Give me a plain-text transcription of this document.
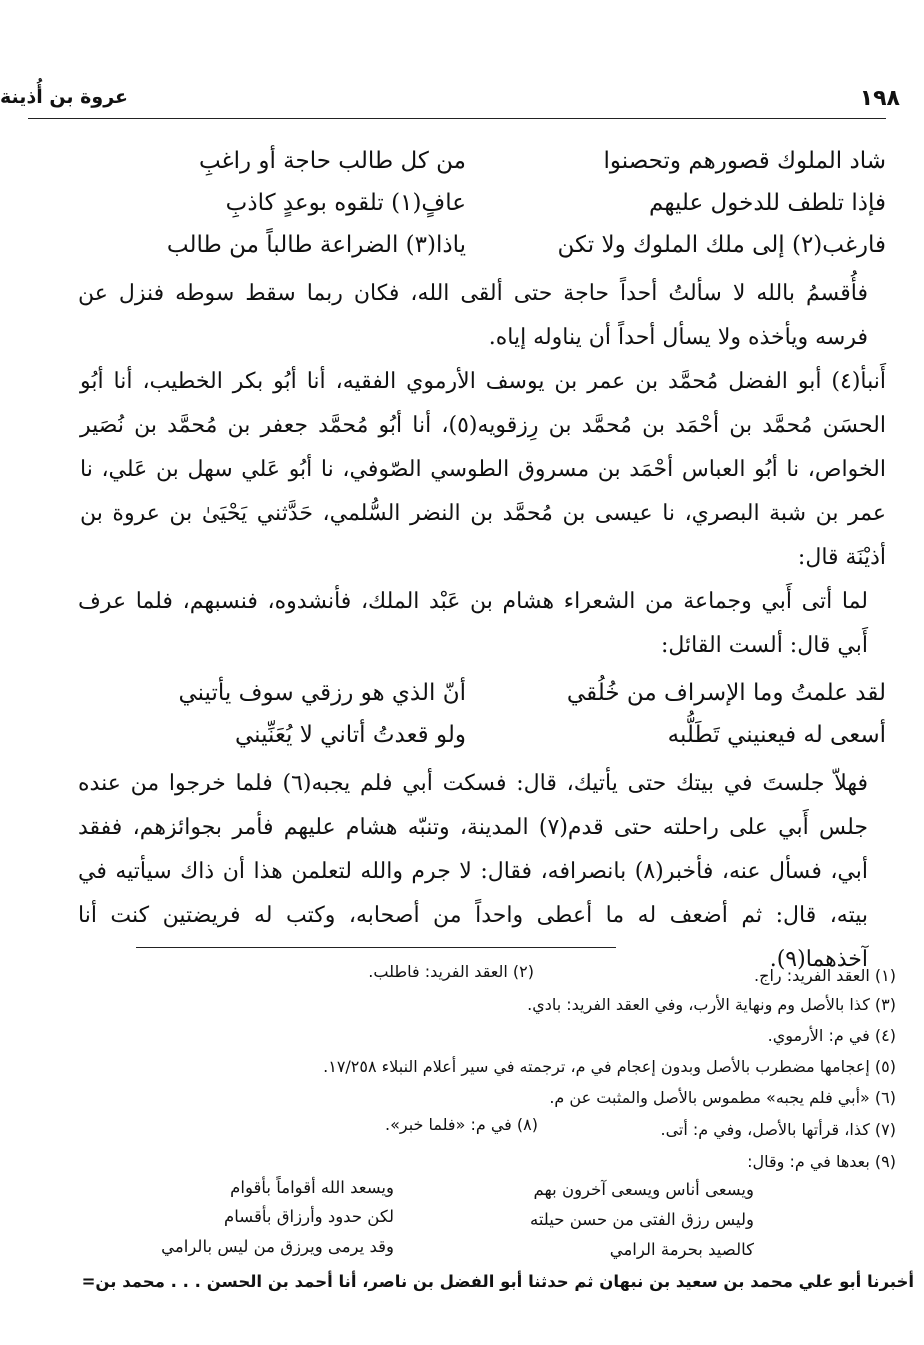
عروة بن أُذينة	١٩٨
شاد الملوك قصورهم وتحصنوا
من كل طالب حاجة أو راغبِ
فإذا تلطف للدخول عليهم
عافٍ(١) تلقوه بوعدٍ كاذبِ
فارغب(٢) إلى ملك الملوك ولا تكن
ياذا(٣) الضراعة طالباً من طالب
فأُقسمُ بالله لا سألتُ أحداً حاجة حتى ألقى الله، فكان ربما سقط سوطه فنزل عن فرسه ويأخذه ولا يسأل أحداً أن يناوله إياه.
أَنبأ(٤) أبو الفضل مُحمَّد بن عمر بن يوسف الأرموي الفقيه، أنا أبُو بكر الخطيب، أنا أبُو الحسَن مُحمَّد بن أحْمَد بن مُحمَّد بن رِزقويه(٥)، أنا أبُو مُحمَّد جعفر بن مُحمَّد بن نُصَير الخواص، نا أبُو العباس أحْمَد بن مسروق الطوسي الصّوفي، نا أبُو عَلي سهل بن عَلي، نا عمر بن شبة البصري، نا عيسى بن مُحمَّد بن النضر السُّلمي، حَدَّثني يَحْيَىٰ بن عروة بن أذيْنَة قال:
لما أتى أَبي وجماعة من الشعراء هشام بن عَبْد الملك، فأنشدوه، فنسبهم، فلما عرف أَبي قال: ألست القائل:
لقد علمتُ وما الإسراف من خُلُقي
أنّ الذي هو رزقي سوف يأتيني
أسعى له فيعنيني تَطَلُّبه
ولو قعدتُ أتاني لا يُعَنِّيني
فهلاّ جلستَ في بيتك حتى يأتيك، قال: فسكت أبي فلم يجبه(٦) فلما خرجوا من عنده جلس أَبي على راحلته حتى قدم(٧) المدينة، وتنبّه هشام عليهم فأمر بجوائزهم، ففقد أبي، فسأل عنه، فأخبر(٨) بانصرافه، فقال: لا جرم والله لتعلمن هذا أن ذاك سيأتيه في بيته، قال: ثم أضعف له ما أعطى واحداً من أصحابه، وكتب له فريضتين كنت أنا آخذهما(٩).
(١) العقد الفريد: راج.
(٢) العقد الفريد: فاطلب.
(٣) كذا بالأصل وم ونهاية الأرب، وفي العقد الفريد: بادي.
(٤) في م: الأرموي.
(٥) إعجامها مضطرب بالأصل وبدون إعجام في م، ترجمته في سير أعلام النبلاء ١٧/٢٥٨.
(٦) «أبي فلم يجبه» مطموس بالأصل والمثبت عن م.
(٧) كذا، قرأتها بالأصل، وفي م: أتى.
(٨) في م: «فلما خبر».
(٩) بعدها في م: وقال:
ويسعى أناس ويسعى آخرون بهم
ويسعد الله أقواماً بأقوام
وليس رزق الفتى من حسن حيلته
لكن حدود وأرزاق بأقسام
كالصيد بحرمة الرامي
وقد يرمى ويرزق من ليس بالرامي
أخبرنا أبو علي محمد بن سعيد بن نبهان ثم حدثنا أبو الفضل بن ناصر، أنا أحمد بن الحسن . . . محمد بن=
